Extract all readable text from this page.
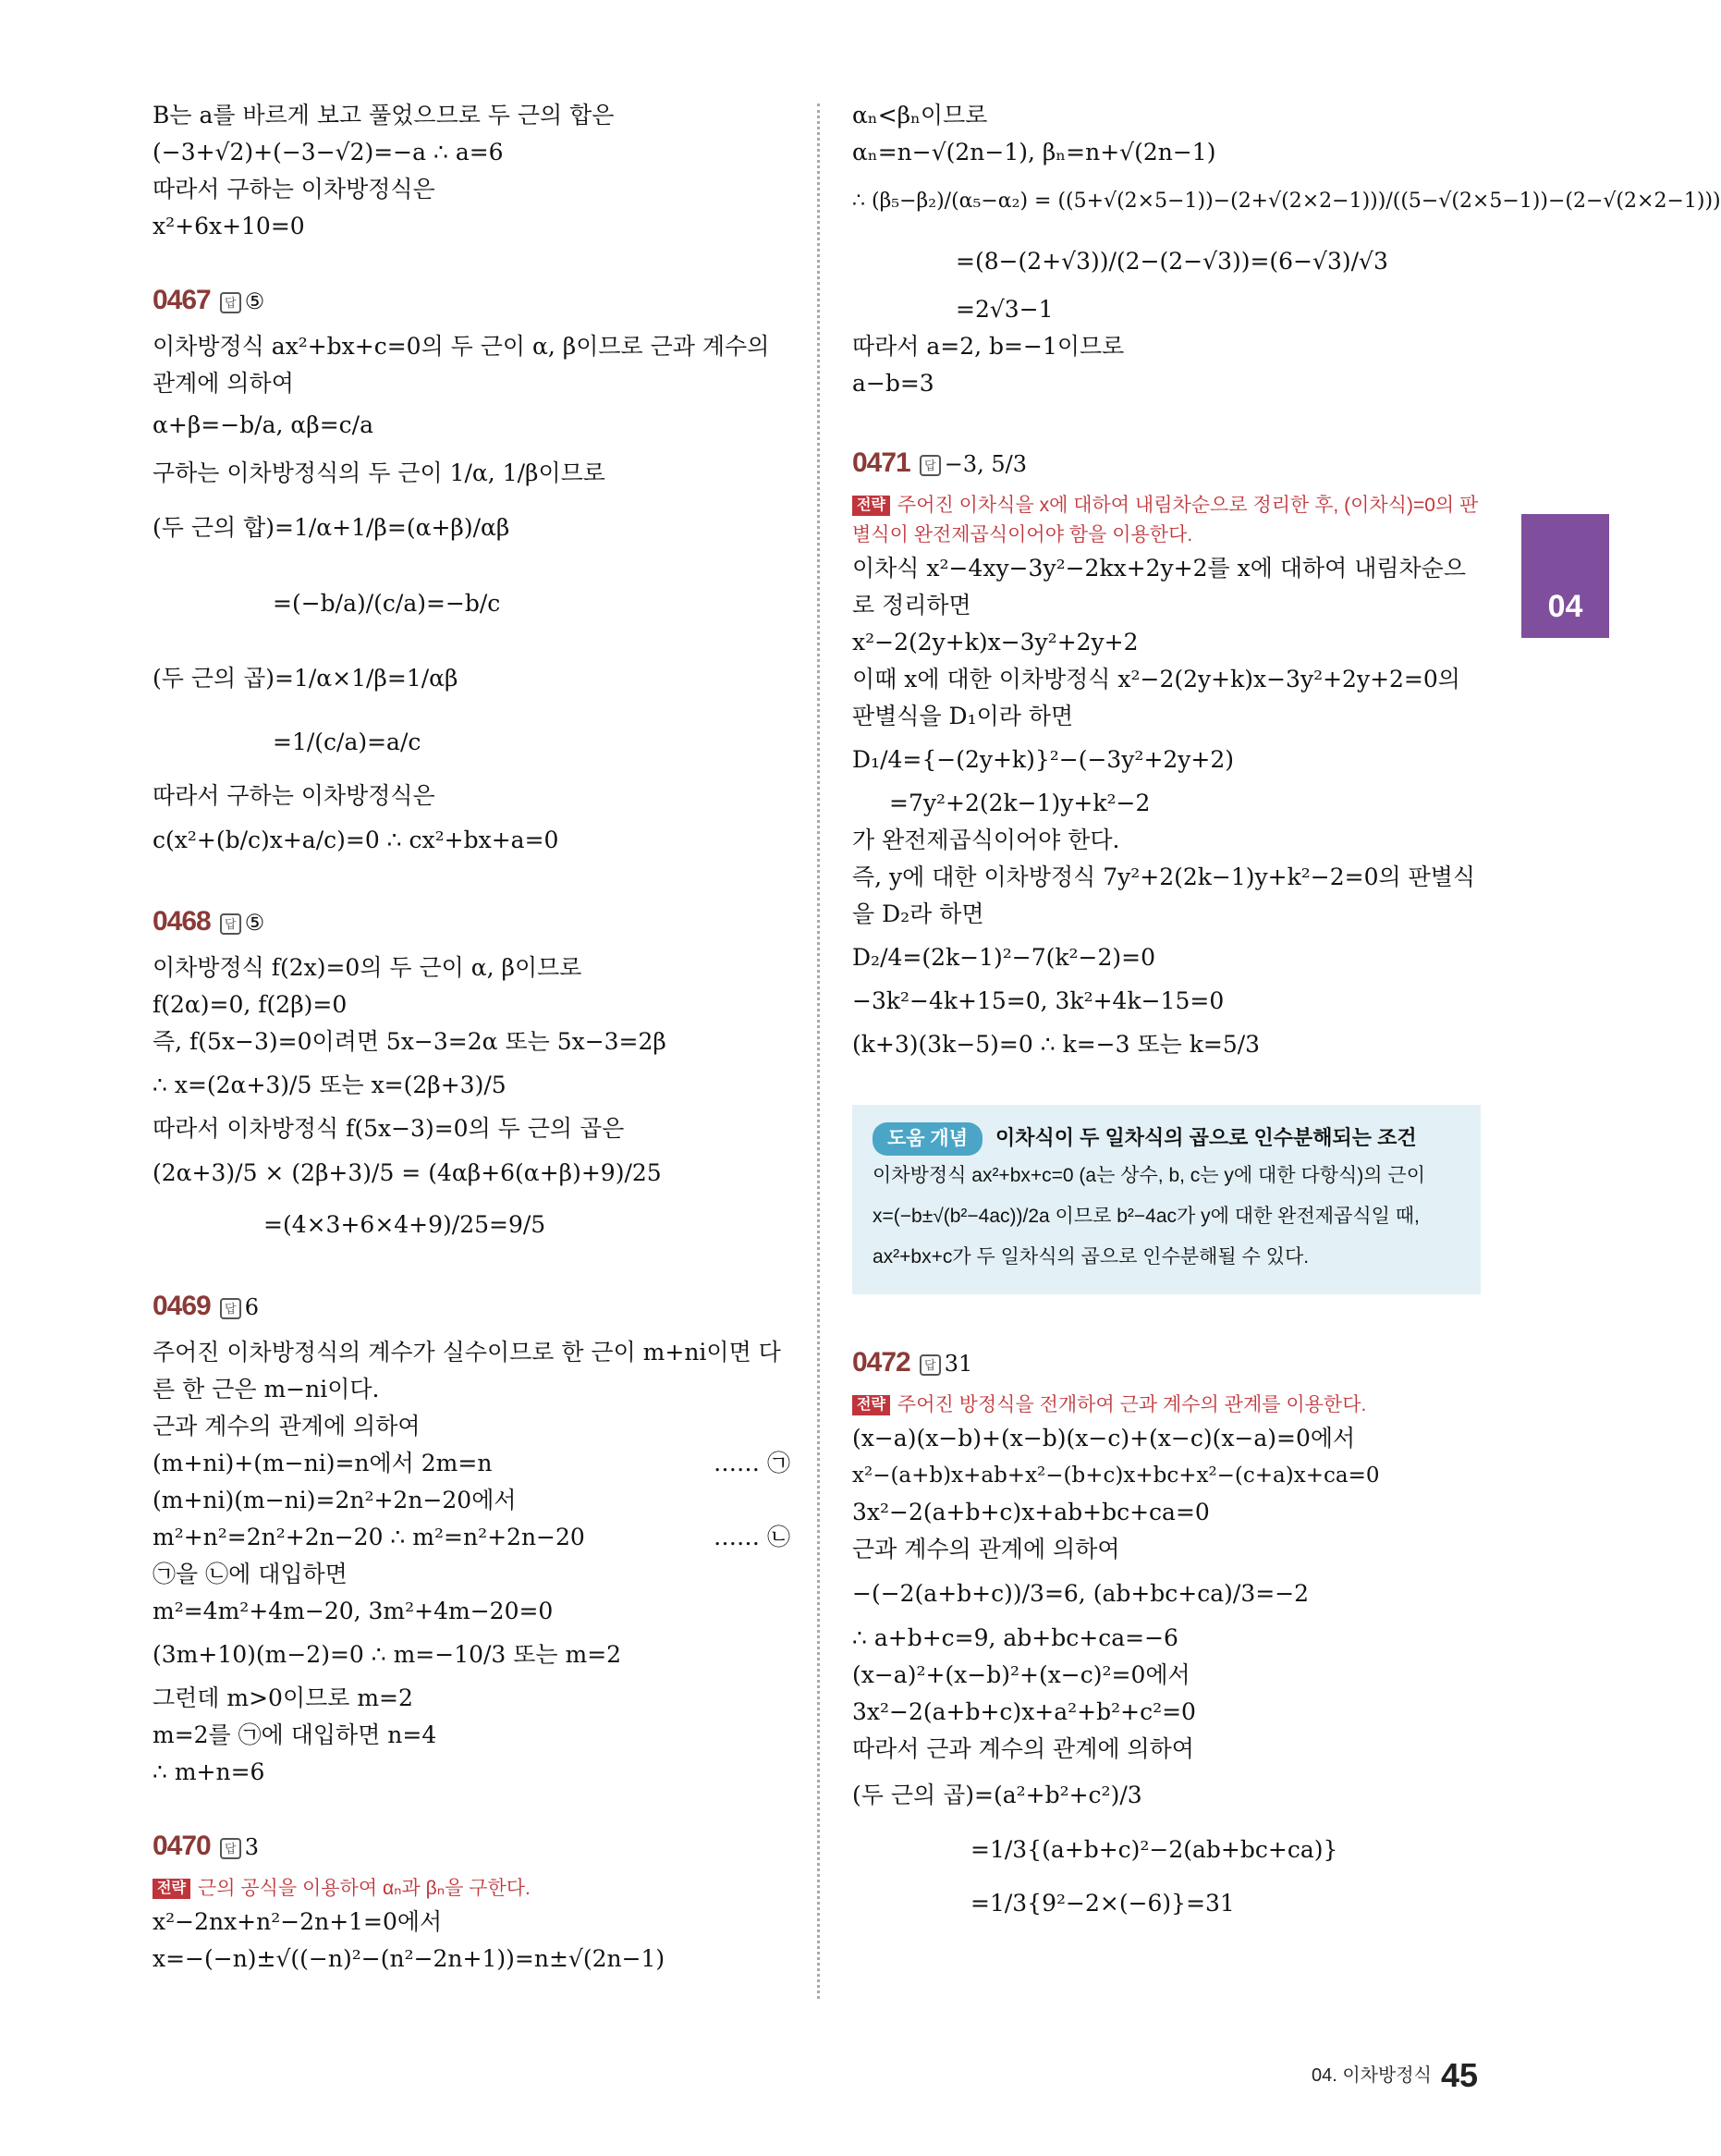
B는 a를 바르게 보고 풀었으므로 두 근의 합은
(−3+√2)+(−3−√2)=−a ∴ a=6
따라서 구하는 이차방정식은
x²+6x+10=0
0467 답 ⑤
이차방정식 ax²+bx+c=0의 두 근이 α, β이므로 근과 계수의 관계에 의하여
α+β=−b/a, αβ=c/a
구하는 이차방정식의 두 근이 1/α, 1/β이므로
(두 근의 합)=1/α+1/β=(α+β)/αβ
=(−b/a)/(c/a)=−b/c
(두 근의 곱)=1/α×1/β=1/αβ
=1/(c/a)=a/c
따라서 구하는 이차방정식은
c(x²+(b/c)x+a/c)=0 ∴ cx²+bx+a=0
0468 답 ⑤
이차방정식 f(2x)=0의 두 근이 α, β이므로
f(2α)=0, f(2β)=0
즉, f(5x−3)=0이려면 5x−3=2α 또는 5x−3=2β
∴ x=(2α+3)/5 또는 x=(2β+3)/5
따라서 이차방정식 f(5x−3)=0의 두 근의 곱은
(2α+3)/5 × (2β+3)/5 = (4αβ+6(α+β)+9)/25
=(4×3+6×4+9)/25=9/5
0469 답 6
주어진 이차방정식의 계수가 실수이므로 한 근이 m+ni이면 다른 한 근은 m−ni이다.
근과 계수의 관계에 의하여
(m+ni)+(m−ni)=n에서 2m=n	…… ㉠
(m+ni)(m−ni)=2n²+2n−20에서
m²+n²=2n²+2n−20 ∴ m²=n²+2n−20	…… ㉡
㉠을 ㉡에 대입하면
m²=4m²+4m−20, 3m²+4m−20=0
(3m+10)(m−2)=0 ∴ m=−10/3 또는 m=2
그런데 m>0이므로 m=2
m=2를 ㉠에 대입하면 n=4
∴ m+n=6
0470 답 3
전략 근의 공식을 이용하여 αₙ과 βₙ을 구한다.
x²−2nx+n²−2n+1=0에서
x=−(−n)±√((−n)²−(n²−2n+1))=n±√(2n−1)
αₙ<βₙ이므로
αₙ=n−√(2n−1), βₙ=n+√(2n−1)
∴ (β₅−β₂)/(α₅−α₂) = ((5+√(2×5−1))−(2+√(2×2−1)))/((5−√(2×5−1))−(2−√(2×2−1)))
=(8−(2+√3))/(2−(2−√3))=(6−√3)/√3
=2√3−1
따라서 a=2, b=−1이므로
a−b=3
0471 답 −3, 5/3
전략 주어진 이차식을 x에 대하여 내림차순으로 정리한 후, (이차식)=0의 판별식이 완전제곱식이어야 함을 이용한다.
이차식 x²−4xy−3y²−2kx+2y+2를 x에 대하여 내림차순으로 정리하면
x²−2(2y+k)x−3y²+2y+2
이때 x에 대한 이차방정식 x²−2(2y+k)x−3y²+2y+2=0의 판별식을 D₁이라 하면
D₁/4={−(2y+k)}²−(−3y²+2y+2)
=7y²+2(2k−1)y+k²−2
가 완전제곱식이어야 한다.
즉, y에 대한 이차방정식 7y²+2(2k−1)y+k²−2=0의 판별식을 D₂라 하면
D₂/4=(2k−1)²−7(k²−2)=0
−3k²−4k+15=0, 3k²+4k−15=0
(k+3)(3k−5)=0 ∴ k=−3 또는 k=5/3
도움 개념 이차식이 두 일차식의 곱으로 인수분해되는 조건
이차방정식 ax²+bx+c=0 (a는 상수, b, c는 y에 대한 다항식)의 근이
x=(−b±√(b²−4ac))/2a 이므로 b²−4ac가 y에 대한 완전제곱식일 때,
ax²+bx+c가 두 일차식의 곱으로 인수분해될 수 있다.
0472 답 31
전략 주어진 방정식을 전개하여 근과 계수의 관계를 이용한다.
(x−a)(x−b)+(x−b)(x−c)+(x−c)(x−a)=0에서
x²−(a+b)x+ab+x²−(b+c)x+bc+x²−(c+a)x+ca=0
3x²−2(a+b+c)x+ab+bc+ca=0
근과 계수의 관계에 의하여
−(−2(a+b+c))/3=6, (ab+bc+ca)/3=−2
∴ a+b+c=9, ab+bc+ca=−6
(x−a)²+(x−b)²+(x−c)²=0에서
3x²−2(a+b+c)x+a²+b²+c²=0
따라서 근과 계수의 관계에 의하여
(두 근의 곱)=(a²+b²+c²)/3
=1/3{(a+b+c)²−2(ab+bc+ca)}
=1/3{9²−2×(−6)}=31
04
04. 이차방정식 45
